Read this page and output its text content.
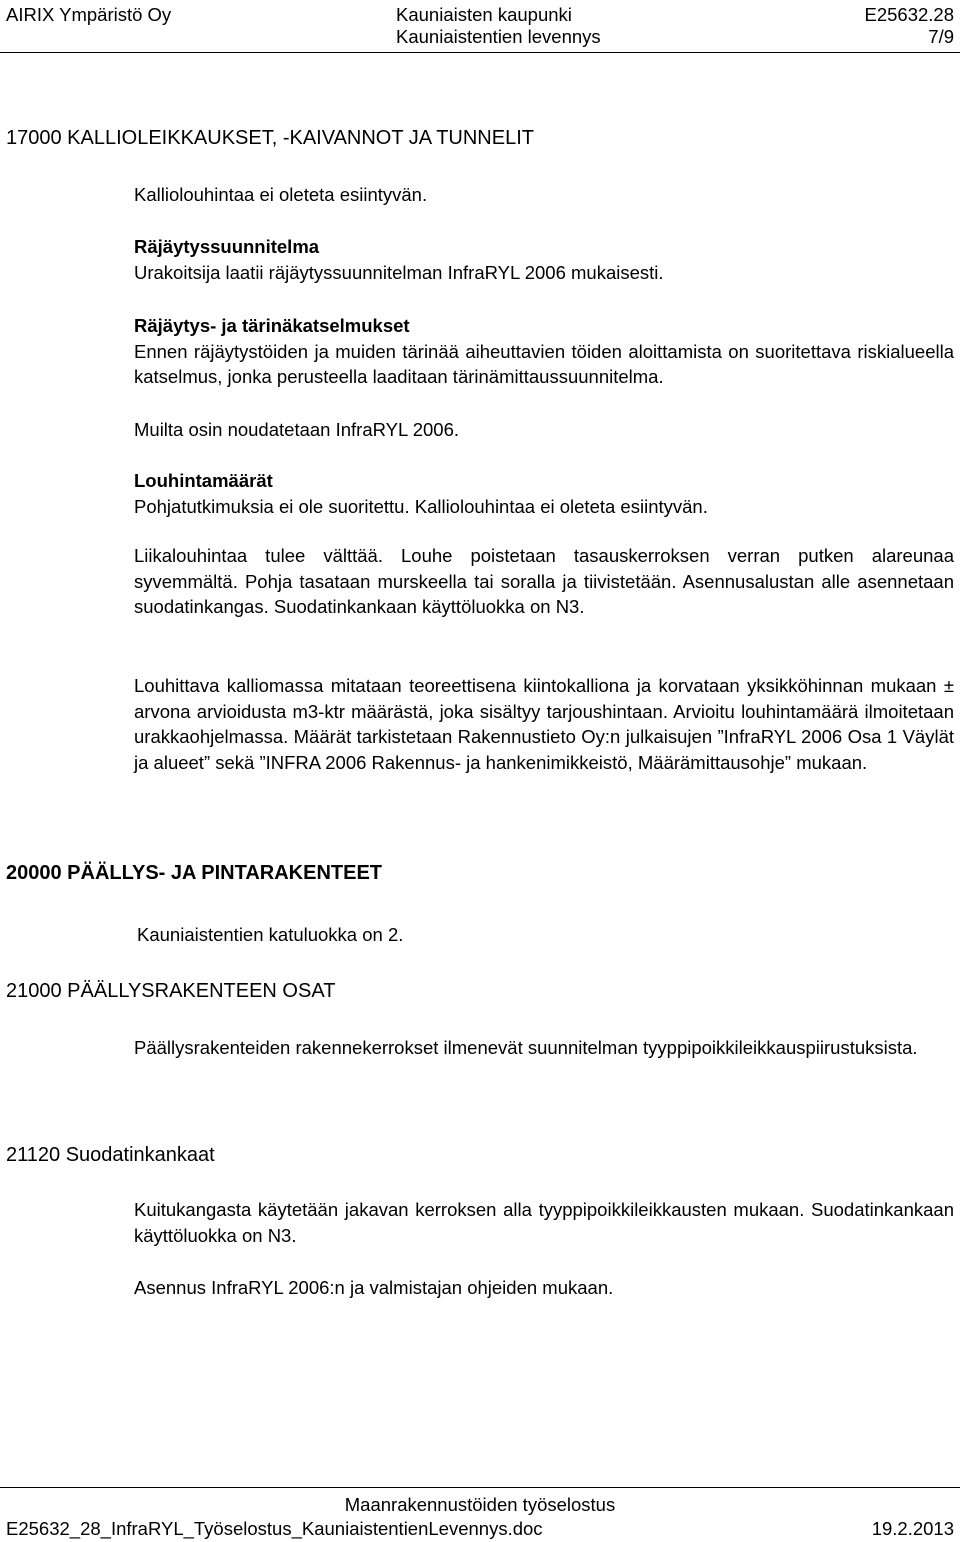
AIRIX Ympäristö Oy	Kauniaisten kaupunki	E25632.28
Kauniaistentien levennys	7/9
17000 KALLIOLEIKKAUKSET, -KAIVANNOT JA TUNNELIT
Kalliolouhintaa ei oleteta esiintyvän.
Räjäytyssuunnitelma
Urakoitsija laatii räjäytyssuunnitelman InfraRYL 2006 mukaisesti.
Räjäytys- ja tärinäkatselmukset
Ennen räjäytystöiden ja muiden tärinää aiheuttavien töiden aloittamista on suoritettava riskialueella katselmus, jonka perusteella laaditaan tärinämittaussuunnitelma.
Muilta osin noudatetaan InfraRYL 2006.
Louhintamäärät
Pohjatutkimuksia ei ole suoritettu. Kalliolouhintaa ei oleteta esiintyvän.
Liikalouhintaa tulee välttää. Louhe poistetaan tasauskerroksen verran putken alareunaa syvemmältä. Pohja tasataan murskeella tai soralla ja tiivistetään. Asennusalustan alle asennetaan suodatinkangas. Suodatinkankaan käyttöluokka on N3.
Louhittava kalliomassa mitataan teoreettisena kiintokalliona ja korvataan yksikköhinnan mukaan ± arvona arvioidusta m3-ktr määrästä, joka sisältyy tarjoushintaan. Arvioitu louhintamäärä ilmoitetaan urakkaohjelmassa. Määrät tarkistetaan Rakennustieto Oy:n julkaisujen ”InfraRYL 2006 Osa 1 Väylät ja alueet” sekä ”INFRA 2006 Rakennus- ja hankenimikkeistö, Määrämittausohje” mukaan.
20000 PÄÄLLYS- JA PINTARAKENTEET
Kauniaistentien katuluokka on 2.
21000 PÄÄLLYSRAKENTEEN OSAT
Päällysrakenteiden rakennekerrokset ilmenevät suunnitelman tyyppipoikkileikkauspiirustuksista.
21120 Suodatinkankaat
Kuitukangasta käytetään jakavan kerroksen alla tyyppipoikkileikkausten mukaan. Suodatinkankaan käyttöluokka on N3.
Asennus InfraRYL 2006:n ja valmistajan ohjeiden mukaan.
Maanrakennustöiden työselostus
E25632_28_InfraRYL_Työselostus_KauniaistentienLevennys.doc	19.2.2013
